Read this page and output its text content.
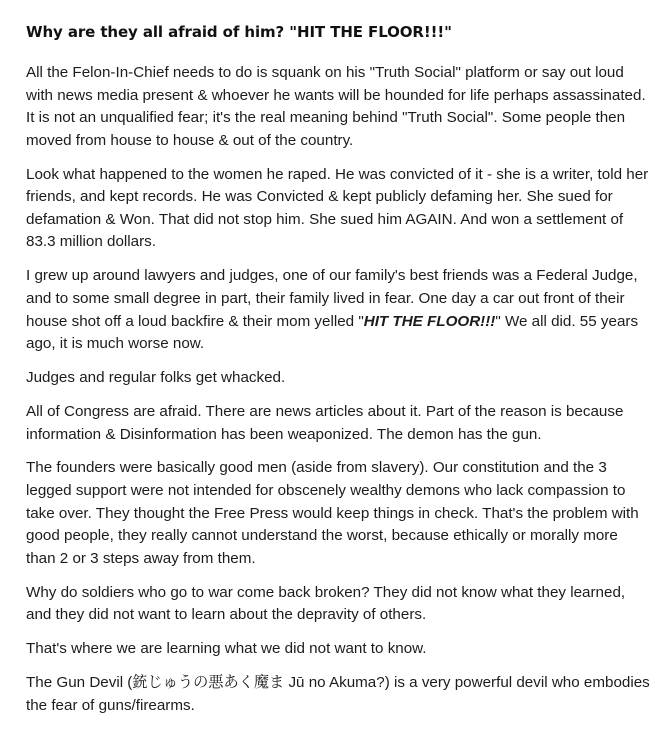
Why are they all afraid of him? "HIT THE FLOOR!!!"

All the Felon-In-Chief needs to do is squank on his "Truth Social" platform or say out loud with news media present & whoever he wants will be hounded for life perhaps assassinated. It is not an unqualified fear; it's the real meaning behind "Truth Social". Some people then moved from house to house & out of the country.

Look what happened to the women he raped. He was convicted of it - she is a writer, told her friends, and kept records. He was Convicted & kept publicly defaming her. She sued for defamation & Won. That did not stop him. She sued him AGAIN. And won a settlement of 83.3 million dollars.

I grew up around lawyers and judges, one of our family's best friends was a Federal Judge, and to some small degree in part, their family lived in fear. One day a car out front of their house shot off a loud backfire & their mom yelled "HIT THE FLOOR!!!" We all did. 55 years ago, it is much worse now.

Judges and regular folks get whacked.

All of Congress are afraid. There are news articles about it. Part of the reason is because information & Disinformation has been weaponized. The demon has the gun.

The founders were basically good men (aside from slavery). Our constitution and the 3 legged support were not intended for obscenely wealthy demons who lack compassion to take over. They thought the Free Press would keep things in check. That's the problem with good people, they really cannot understand the worst, because ethically or morally more than 2 or 3 steps away from them.

Why do soldiers who go to war come back broken? They did not know what they learned, and they did not want to learn about the depravity of others.

That's where we are learning what we did not want to know.

The Gun Devil (銃じゅうの悪あく魔ま Jū no Akuma?) is a very powerful devil who embodies the fear of guns/firearms.
